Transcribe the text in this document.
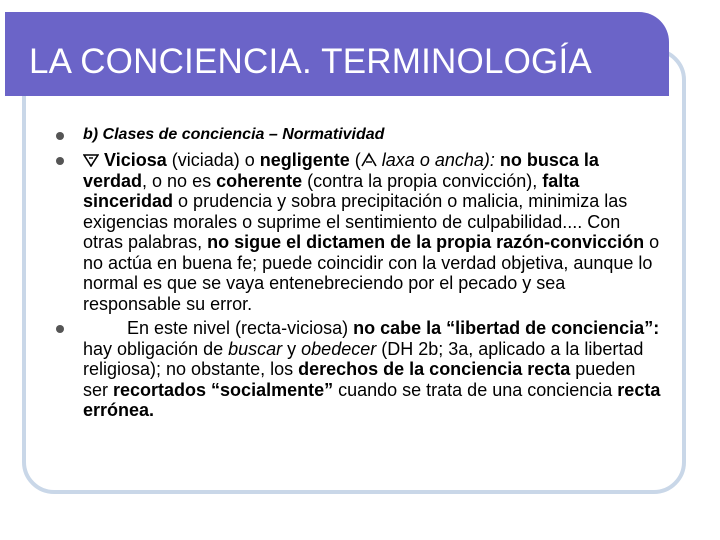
LA CONCIENCIA. TERMINOLOGÍA

b) Clases de conciencia – Normatividad

Viciosa (viciada) o negligente ( laxa o ancha): no busca la verdad, o no es coherente (contra la propia convicción), falta sinceridad o prudencia y sobra precipitación o malicia, minimiza las exigencias morales o suprime el sentimiento de culpabilidad.... Con otras palabras, no sigue el dictamen de la propia razón-convicción o no actúa en buena fe; puede coincidir con la verdad objetiva, aunque lo normal es que se vaya entenebreciendo por el pecado y sea responsable su error.

En este nivel (recta-viciosa) no cabe la “libertad de conciencia”: hay obligación de buscar y obedecer (DH 2b; 3a, aplicado a la libertad religiosa); no obstante, los derechos de la conciencia recta pueden ser recortados “socialmente” cuando se trata de una conciencia recta errónea.
